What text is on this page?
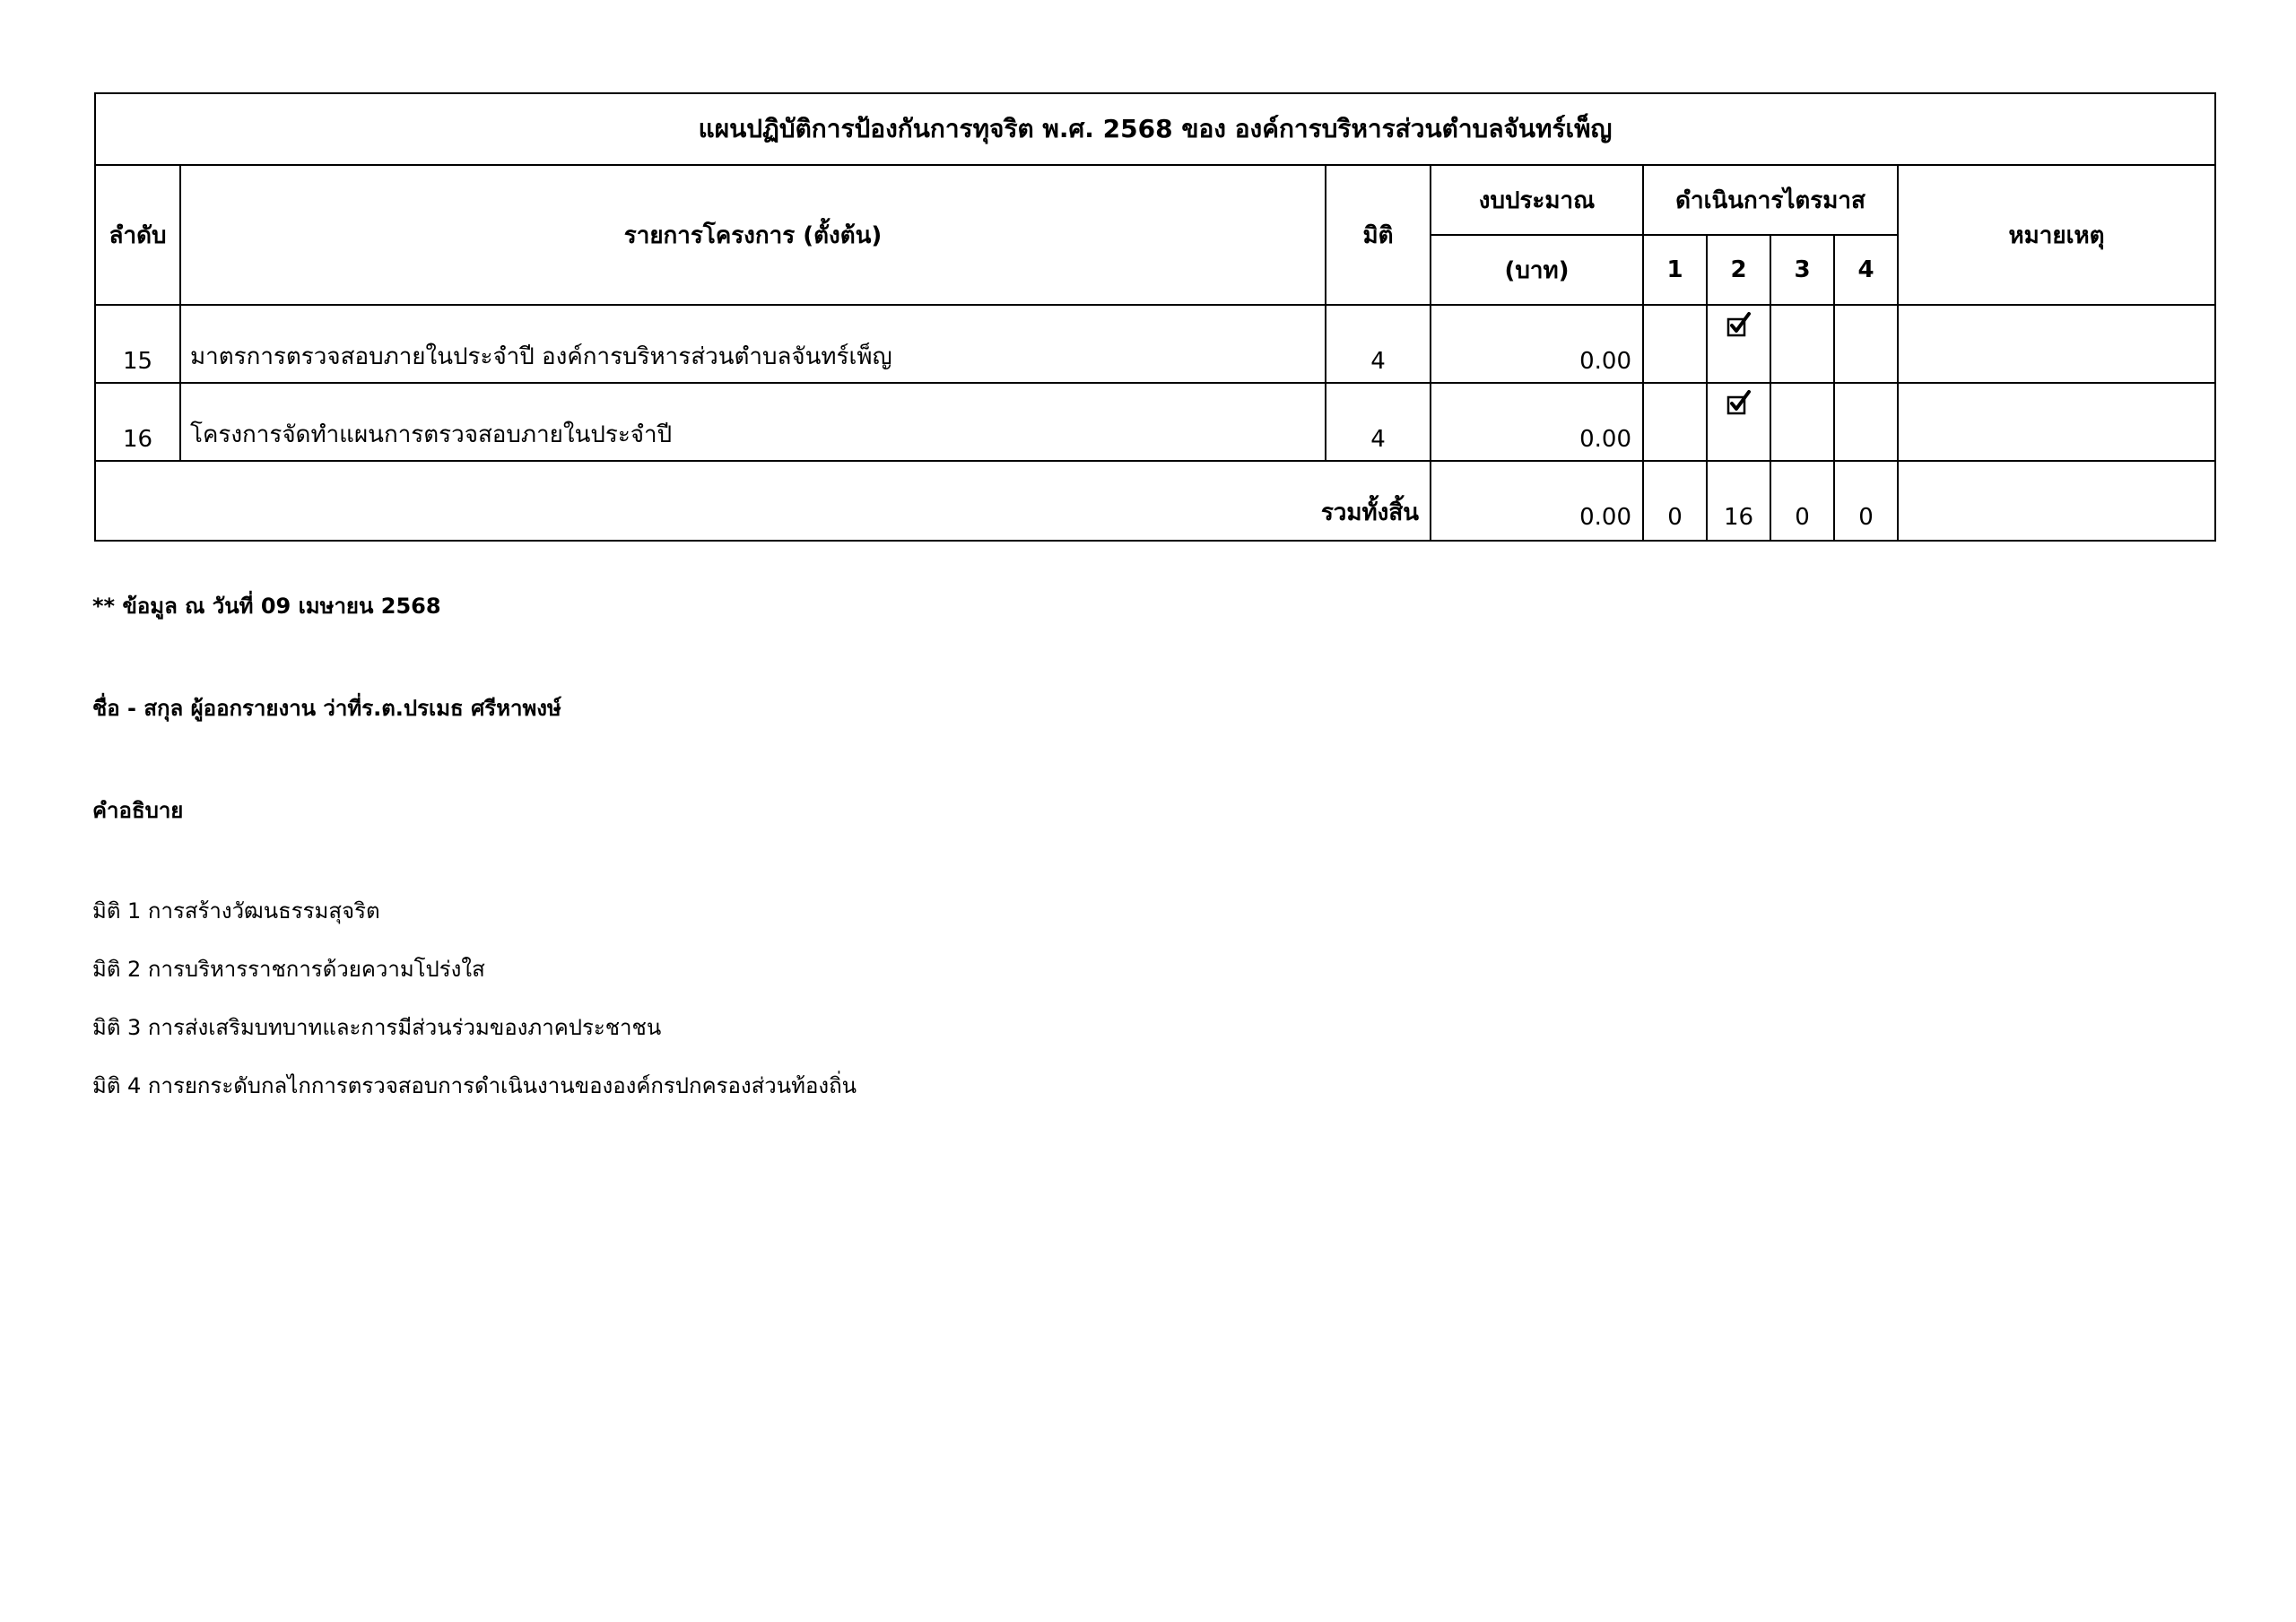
แผนปฏิบัติการป้องกันการทุจริต พ.ศ. 2568 ของ องค์การบริหารส่วนตำบลจันทร์เพ็ญ								
ลำดับ	รายการโครงการ (ตั้งต้น)	มิติ	งบประมาณ	ดำเนินการไตรมาส				หมายเหตุ
			(บาท)	1	2	3	4	
15	มาตรการตรวจสอบภายในประจำปี องค์การบริหารส่วนตำบลจันทร์เพ็ญ	4	0.00		

16	โครงการจัดทำแผนการตรวจสอบภายในประจำปี	4	0.00		

รวมทั้งสิ้น			0.00	0	16	0	0	
** ข้อมูล ณ วันที่ 09 เมษายน 2568
ชื่อ - สกุล ผู้ออกรายงาน ว่าที่ร.ต.ปรเมธ ศรีหาพงษ์
คำอธิบาย
มิติ 1 การสร้างวัฒนธรรมสุจริต
มิติ 2 การบริหารราชการด้วยความโปร่งใส
มิติ 3 การส่งเสริมบทบาทและการมีส่วนร่วมของภาคประชาชน
มิติ 4 การยกระดับกลไกการตรวจสอบการดำเนินงานขององค์กรปกครองส่วนท้องถิ่น
